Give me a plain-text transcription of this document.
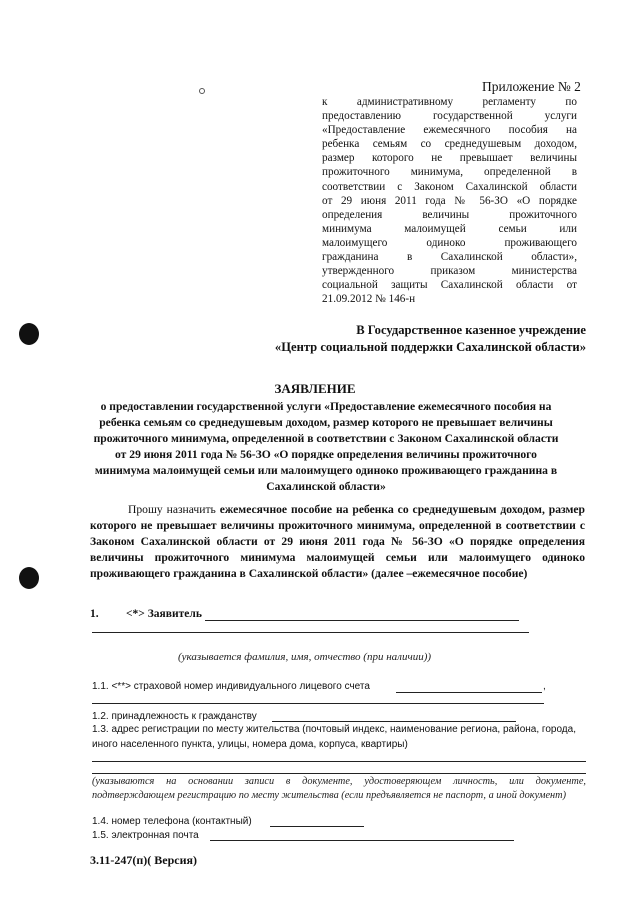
Приложение № 2
к административному регламенту по
предоставлению государственной услуги
«Предоставление ежемесячного пособия на
ребенка семьям со среднедушевым доходом,
размер которого не превышает величины
прожиточного минимума, определенной в
соответствии с Законом Сахалинской области
от 29 июня 2011 года № 56-ЗО «О порядке
определения величины прожиточного
минимума малоимущей семьи или
малоимущего одиноко проживающего
гражданина в Сахалинской области»,
утвержденного приказом министерства
социальной защиты Сахалинской области от
21.09.2012 № 146-н
В Государственное казенное учреждение
«Центр социальной поддержки Сахалинской области»
ЗАЯВЛЕНИЕ
о предоставлении государственной услуги «Предоставление ежемесячного пособия на ребенка семьям со среднедушевым доходом, размер которого не превышает величины прожиточного минимума, определенной в соответствии с Законом Сахалинской области от 29 июня 2011 года № 56-ЗО «О порядке определения величины прожиточного минимума малоимущей семьи или малоимущего одиноко проживающего гражданина в Сахалинской области»
Прошу назначить ежемесячное пособие на ребенка со среднедушевым доходом, размер которого не превышает величины прожиточного минимума, определенной в соответствии с Законом Сахалинской области от 29 июня 2011 года № 56-ЗО «О порядке определения величины прожиточного минимума малоимущей семьи или малоимущего одиноко проживающего гражданина в Сахалинской области» (далее –ежемесячное пособие)
1. <*> Заявитель
(указывается фамилия, имя, отчество (при наличии))
1.1. <**> страховой номер индивидуального лицевого счета	,
1.2. принадлежность к гражданству
1.3. адрес регистрации по месту жительства (почтовый индекс, наименование региона, района, города, иного населенного пункта, улицы, номера дома, корпуса, квартиры)
(указываются на основании записи в документе, удостоверяющем личность, или документе, подтверждающем регистрацию по месту жительства (если предъявляется не паспорт, а иной документ)
1.4. номер телефона (контактный)
1.5. электронная почта
3.11-247(п)( Версия)
